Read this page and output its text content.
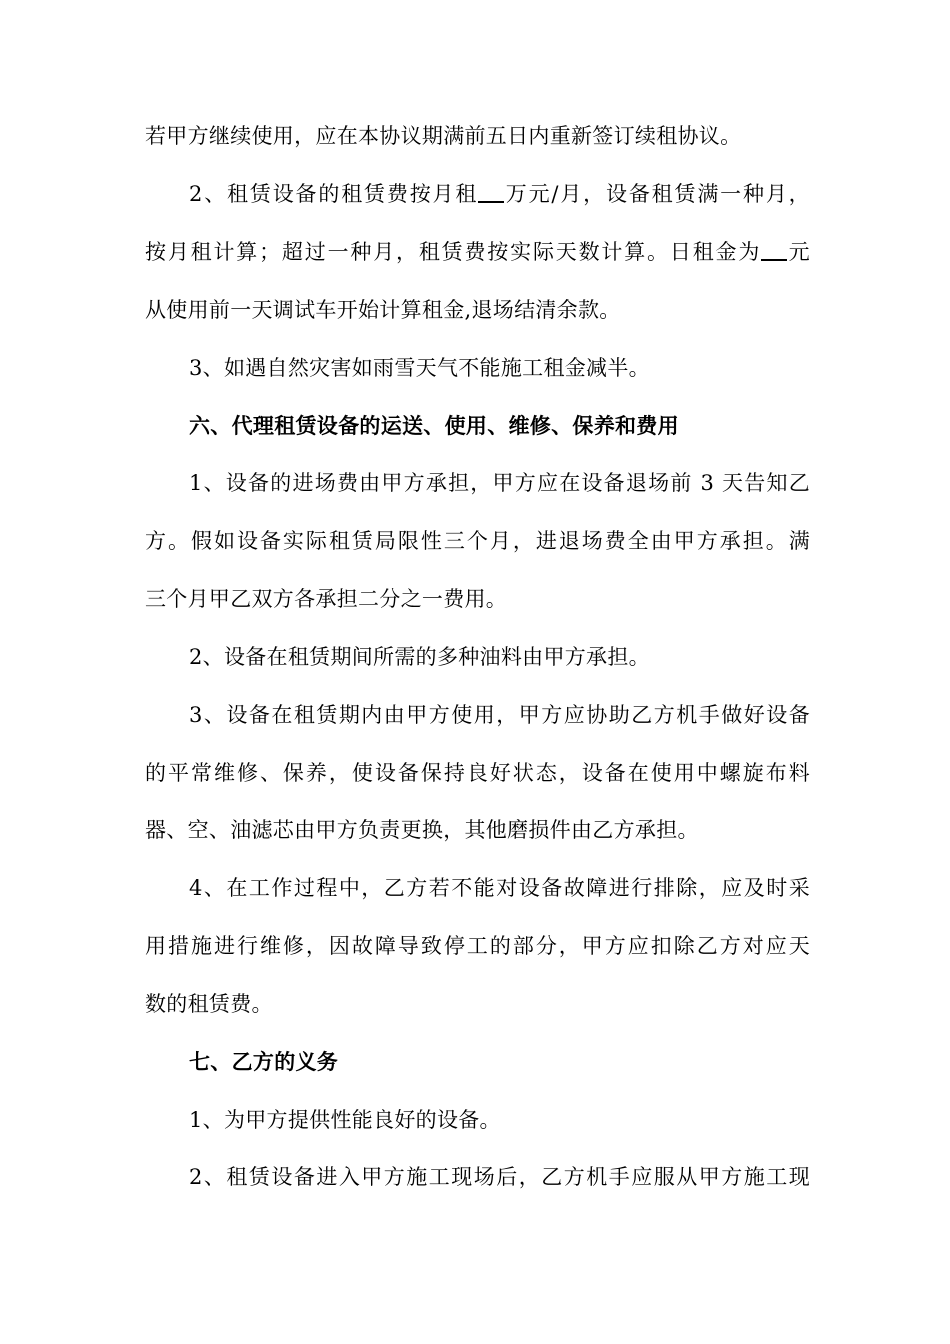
若甲方继续使用，应在本协议期满前五日内重新签订续租协议。
2、租赁设备的租赁费按月租 万元/月，设备租赁满一种月，
按月租计算；超过一种月，租赁费按实际天数计算。日租金为 元
从使用前一天调试车开始计算租金,退场结清余款。
3、如遇自然灾害如雨雪天气不能施工租金减半。
六、代理租赁设备的运送、使用、维修、保养和费用
1、设备的进场费由甲方承担，甲方应在设备退场前 3 天告知乙
方。假如设备实际租赁局限性三个月，进退场费全由甲方承担。满
三个月甲乙双方各承担二分之一费用。
2、设备在租赁期间所需的多种油料由甲方承担。
3、设备在租赁期内由甲方使用，甲方应协助乙方机手做好设备
的平常维修、保养，使设备保持良好状态，设备在使用中螺旋布料
器、空、油滤芯由甲方负责更换，其他磨损件由乙方承担。
4、在工作过程中，乙方若不能对设备故障进行排除，应及时采
用措施进行维修，因故障导致停工的部分，甲方应扣除乙方对应天
数的租赁费。
七、乙方的义务
1、为甲方提供性能良好的设备。
2、租赁设备进入甲方施工现场后，乙方机手应服从甲方施工现
